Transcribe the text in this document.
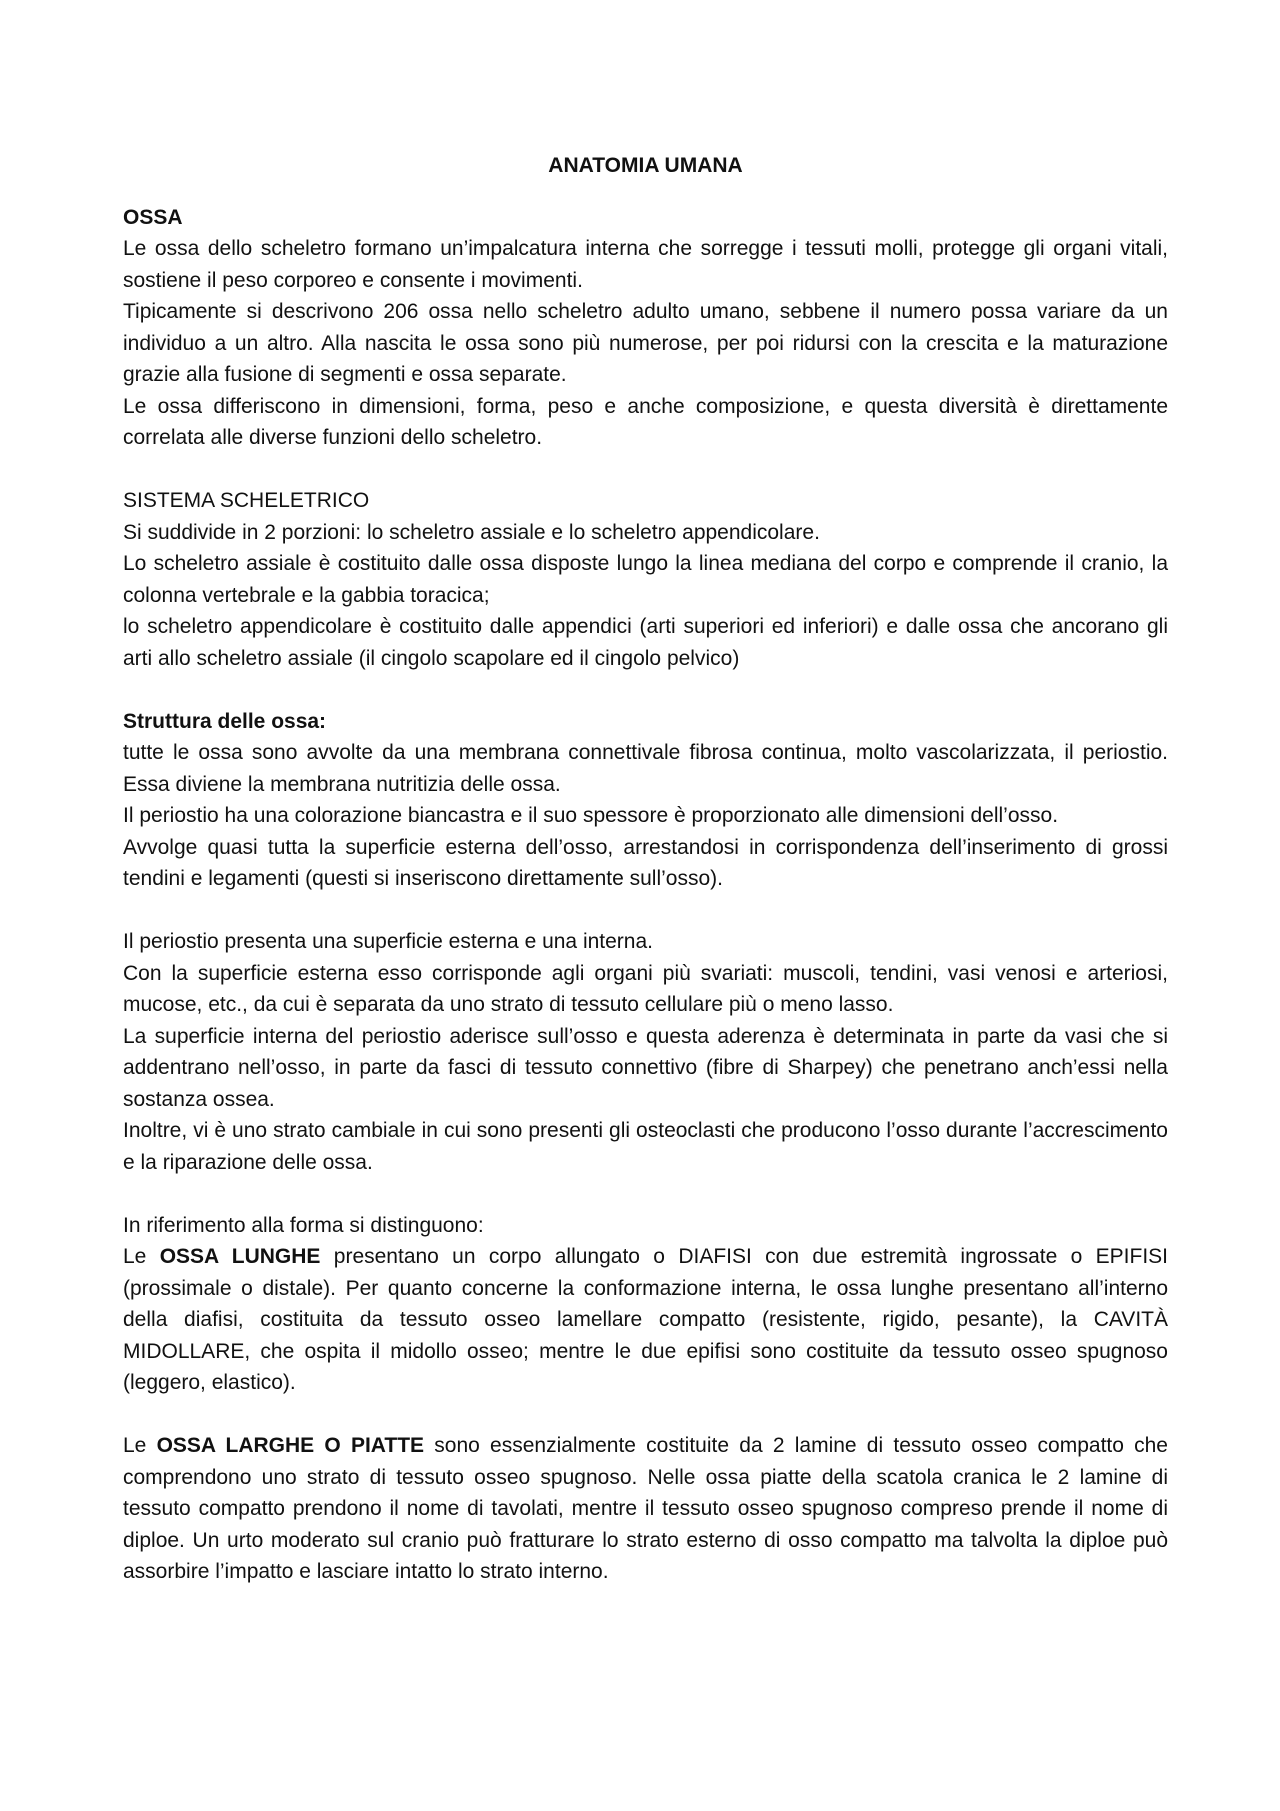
ANATOMIA UMANA

OSSA

Le ossa dello scheletro formano un’impalcatura interna che sorregge i tessuti molli, protegge gli organi vitali, sostiene il peso corporeo e consente i movimenti.

Tipicamente si descrivono 206 ossa nello scheletro adulto umano, sebbene il numero possa variare da un individuo a un altro. Alla nascita le ossa sono più numerose, per poi ridursi con la crescita e la maturazione grazie alla fusione di segmenti e ossa separate.

Le ossa differiscono in dimensioni, forma, peso e anche composizione, e questa diversità è direttamente correlata alle diverse funzioni dello scheletro.

SISTEMA SCHELETRICO

Si suddivide in 2 porzioni: lo scheletro assiale e lo scheletro appendicolare.

Lo scheletro assiale è costituito dalle ossa disposte lungo la linea mediana del corpo e comprende il cranio, la colonna vertebrale e la gabbia toracica;

lo scheletro appendicolare è costituito dalle appendici (arti superiori ed inferiori) e dalle ossa che ancorano gli arti allo scheletro assiale (il cingolo scapolare ed il cingolo pelvico)

Struttura delle ossa:

tutte le ossa sono avvolte da una membrana connettivale fibrosa continua, molto vascolarizzata, il periostio. Essa diviene la membrana nutritizia delle ossa.

Il periostio ha una colorazione biancastra e il suo spessore è proporzionato alle dimensioni dell’osso.

Avvolge quasi tutta la superficie esterna dell’osso, arrestandosi in corrispondenza dell’inserimento di grossi tendini e legamenti (questi si inseriscono direttamente sull’osso).

Il periostio presenta una superficie esterna e una interna.

Con la superficie esterna esso corrisponde agli organi più svariati: muscoli, tendini, vasi venosi e arteriosi, mucose, etc., da cui è separata da uno strato di tessuto cellulare più o meno lasso.

La superficie interna del periostio aderisce sull’osso e questa aderenza è determinata in parte da vasi che si addentrano nell’osso, in parte da fasci di tessuto connettivo (fibre di Sharpey) che penetrano anch’essi nella sostanza ossea.

Inoltre, vi è uno strato cambiale in cui sono presenti gli osteoclasti che producono l’osso durante l’accrescimento e la riparazione delle ossa.

In riferimento alla forma si distinguono:

Le OSSA LUNGHE presentano un corpo allungato o DIAFISI con due estremità ingrossate o EPIFISI (prossimale o distale). Per quanto concerne la conformazione interna, le ossa lunghe presentano all’interno della diafisi, costituita da tessuto osseo lamellare compatto (resistente, rigido, pesante), la CAVITÀ MIDOLLARE, che ospita il midollo osseo; mentre le due epifisi sono costituite da tessuto osseo spugnoso (leggero, elastico).

Le OSSA LARGHE O PIATTE sono essenzialmente costituite da 2 lamine di tessuto osseo compatto che comprendono uno strato di tessuto osseo spugnoso. Nelle ossa piatte della scatola cranica le 2 lamine di tessuto compatto prendono il nome di tavolati, mentre il tessuto osseo spugnoso compreso prende il nome di diploe. Un urto moderato sul cranio può fratturare lo strato esterno di osso compatto ma talvolta la diploe può assorbire l’impatto e lasciare intatto lo strato interno.
